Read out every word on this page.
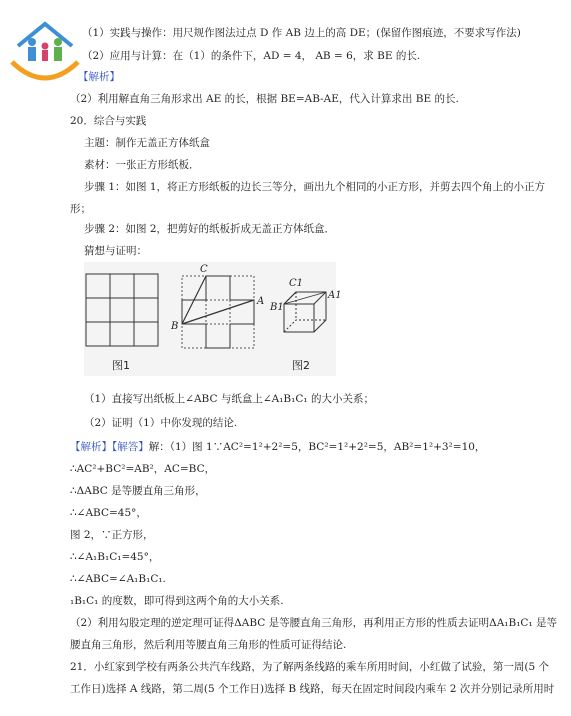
（1）实践与操作：用尺规作图法过点 D 作 AB 边上的高 DE；(保留作图痕迹，不要求写作法)
（2）应用与计算：在（1）的条件下，AD = 4， AB = 6，求 BE 的长.
【解析】
（2）利用解直角三角形求出 AE 的长，根据 BE=AB-AE，代入计算求出 BE 的长.
20．综合与实践
主题：制作无盖正方体纸盒
素材：一张正方形纸板．
步骤 1：如图 1，将正方形纸板的边长三等分，画出九个相同的小正方形，并剪去四个角上的小正方
形；
步骤 2：如图 2，把剪好的纸板折成无盖正方体纸盒．
猜想与证明：
C
A
B
C1
A1
B1
图1	图2
（1）直接写出纸板上∠ABC 与纸盒上∠A₁B₁C₁ 的大小关系；
（2）证明（1）中你发现的结论.
【解析】【解答】解：（1）图 1∵AC²=1²+2²=5，BC²=1²+2²=5，AB²=1²+3²=10，
∴AC²+BC²=AB²，AC=BC，
∴ΔABC 是等腰直角三角形，
∴∠ABC=45°，
图 2，∵正方形，
∴∠A₁B₁C₁=45°，
∴∠ABC=∠A₁B₁C₁.
₁B₁C₁ 的度数，即可得到这两个角的大小关系.
（2）利用勾股定理的逆定理可证得ΔABC 是等腰直角三角形，再利用正方形的性质去证明ΔA₁B₁C₁ 是等
腰直角三角形，然后利用等腰直角三角形的性质可证得结论.
21．小红家到学校有两条公共汽车线路，为了解两条线路的乘车所用时间，小红做了试验，第一周(5 个
工作日)选择 A 线路，第二周(5 个工作日)选择 B 线路，每天在固定时间段内乘车 2 次并分别记录所用时
